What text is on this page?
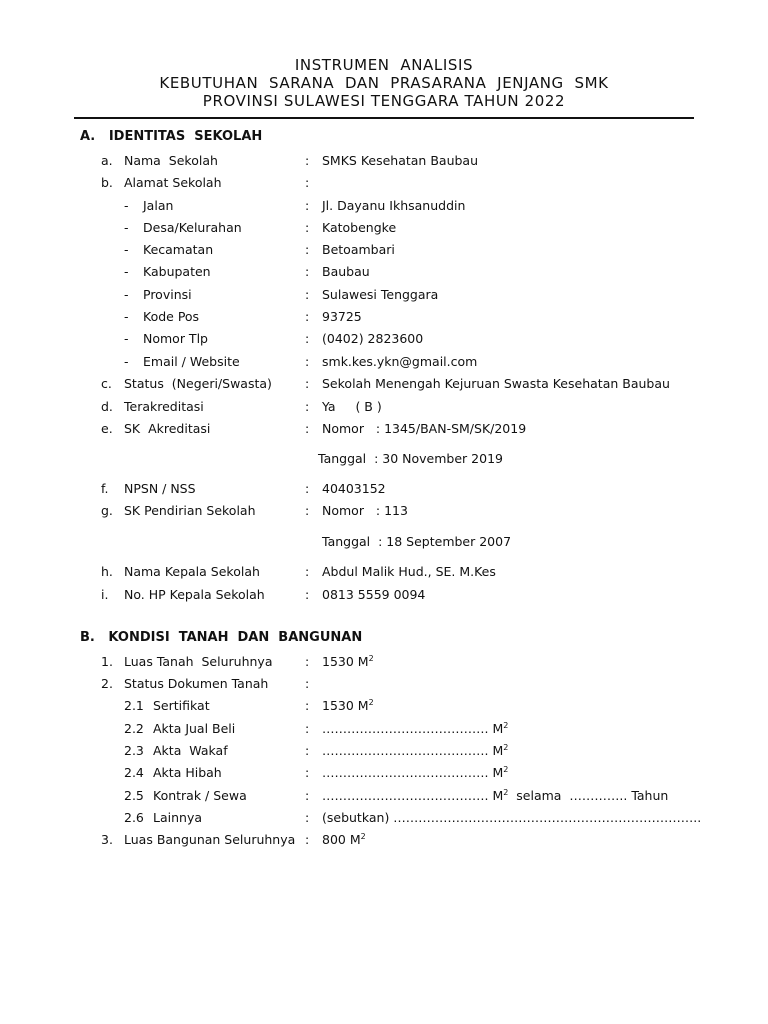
INSTRUMEN  ANALISIS
KEBUTUHAN  SARANA  DAN  PRASARANA  JENJANG  SMK
PROVINSI SULAWESI TENGGARA TAHUN 2022
A.   IDENTITAS  SEKOLAH
a. Nama  Sekolah	: SMKS Kesehatan Baubau
b. Alamat Sekolah	:
- Jalan	: Jl. Dayanu Ikhsanuddin
- Desa/Kelurahan	: Katobengke
- Kecamatan	: Betoambari
- Kabupaten	: Baubau
- Provinsi	: Sulawesi Tenggara
- Kode Pos	: 93725
- Nomor Tlp	: (0402) 2823600
- Email / Website	: smk.kes.ykn@gmail.com
c. Status  (Negeri/Swasta)	: Sekolah Menengah Kejuruan Swasta Kesehatan Baubau
d. Terakreditasi	: Ya     ( B )
e. SK  Akreditasi	: Nomor   : 1345/BAN-SM/SK/2019
Tanggal  : 30 November 2019
f. NPSN / NSS	: 40403152
g. SK Pendirian Sekolah	: Nomor   : 113
Tanggal  : 18 September 2007
h. Nama Kepala Sekolah	: Abdul Malik Hud., SE. M.Kes
i. No. HP Kepala Sekolah	: 0813 5559 0094
B.   KONDISI  TANAH  DAN  BANGUNAN
1. Luas Tanah  Seluruhnya	: 1530 $M^2$
2. Status Dokumen Tanah	:
2.1 Sertifikat	: 1530 $M^2$
2.2 Akta Jual Beli	: …………………………………. $M^2$
2.3 Akta  Wakaf	: …………………………………. $M^2$
2.4 Akta Hibah	: …………………………………. $M^2$
2.5 Kontrak / Sewa	: …………………………………. $M^2$  selama  ………….. Tahun
2.6 Lainnya	: (sebutkan) ………………………………………………………………..
3. Luas Bangunan Seluruhnya : 800 $M^2$
